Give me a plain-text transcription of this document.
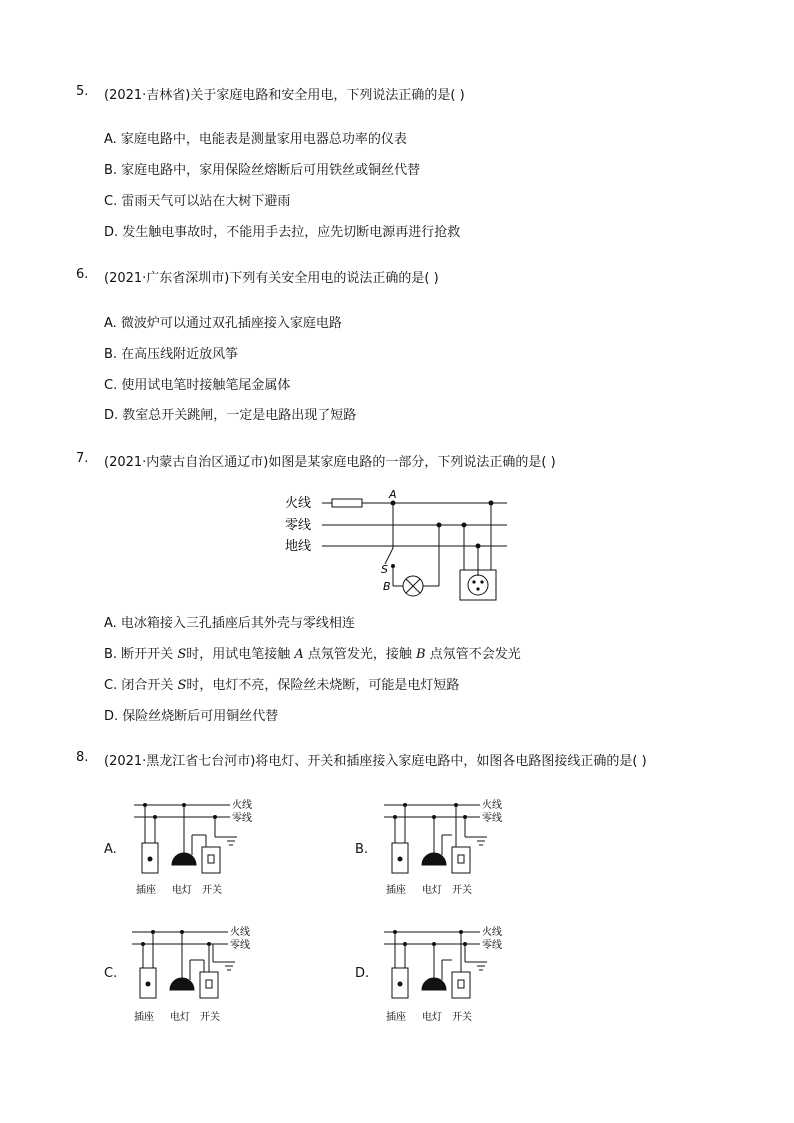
5. (2021·吉林省)关于家庭电路和安全用电，下列说法正确的是( )
A. 家庭电路中，电能表是测量家用电器总功率的仪表
B. 家庭电路中，家用保险丝熔断后可用铁丝或铜丝代替
C. 雷雨天气可以站在大树下避雨
D. 发生触电事故时，不能用手去拉，应先切断电源再进行抢救
6. (2021·广东省深圳市)下列有关安全用电的说法正确的是( )
A. 微波炉可以通过双孔插座接入家庭电路
B. 在高压线附近放风筝
C. 使用试电笔时接触笔尾金属体
D. 教室总开关跳闸，一定是电路出现了短路
7. (2021·内蒙古自治区通辽市)如图是某家庭电路的一部分，下列说法正确的是( )
火线
零线
地线
A
S
B
A. 电冰箱接入三孔插座后其外壳与零线相连
B. 断开开关 S时，用试电笔接触 A 点氖管发光，接触 B 点氖管不会发光
C. 闭合开关 S时，电灯不亮，保险丝未烧断，可能是电灯短路
D. 保险丝烧断后可用铜丝代替
8. (2021·黑龙江省七台河市)将电灯、开关和插座接入家庭电路中，如图各电路图接线正确的是( )
A.	B.
C.	D.
火线
零线
插座 电灯 开关
火线
零线
插座 电灯 开关
火线
零线
插座 电灯 开关
火线
零线
插座 电灯 开关
